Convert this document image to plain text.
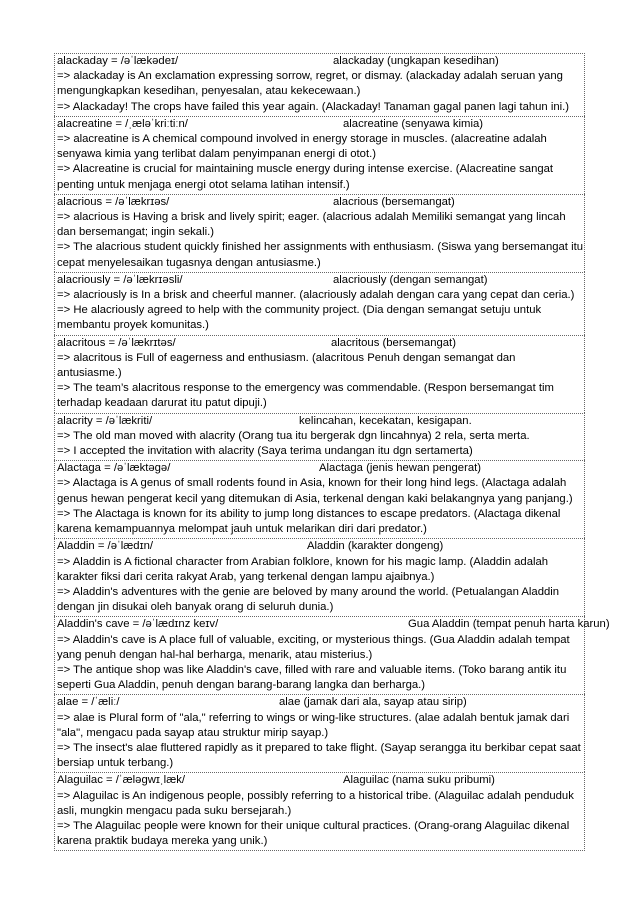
alackaday = /əˈlækədeɪ/	alackaday (ungkapan kesedihan)
=> alackaday is An exclamation expressing sorrow, regret, or dismay. (alackaday adalah seruan yang mengungkapkan kesedihan, penyesalan, atau kekecewaan.)
=> Alackaday! The crops have failed this year again. (Alackaday! Tanaman gagal panen lagi tahun ini.)
alacreatine = /ˌæləˈkriːtiːn/	alacreatine (senyawa kimia)
=> alacreatine is A chemical compound involved in energy storage in muscles. (alacreatine adalah senyawa kimia yang terlibat dalam penyimpanan energi di otot.)
=> Alacreatine is crucial for maintaining muscle energy during intense exercise. (Alacreatine sangat penting untuk menjaga energi otot selama latihan intensif.)
alacrious = /əˈlækrɪəs/	alacrious (bersemangat)
=> alacrious is Having a brisk and lively spirit; eager. (alacrious adalah Memiliki semangat yang lincah dan bersemangat; ingin sekali.)
=> The alacrious student quickly finished her assignments with enthusiasm. (Siswa yang bersemangat itu cepat menyelesaikan tugasnya dengan antusiasme.)
alacriously = /əˈlækrɪəsli/	alacriously (dengan semangat)
=> alacriously is In a brisk and cheerful manner. (alacriously adalah dengan cara yang cepat dan ceria.)
=> He alacriously agreed to help with the community project. (Dia dengan semangat setuju untuk membantu proyek komunitas.)
alacritous = /əˈlækrɪtəs/	alacritous (bersemangat)
=> alacritous is Full of eagerness and enthusiasm. (alacritous Penuh dengan semangat dan antusiasme.)
=> The team’s alacritous response to the emergency was commendable. (Respon bersemangat tim terhadap keadaan darurat itu patut dipuji.)
alacrity = /əˈlækriti/	kelincahan, kecekatan, kesigapan.
=> The old man moved with alacrity (Orang tua itu bergerak dgn lincahnya) 2 rela, serta merta.
=> I accepted the invitation with alacrity (Saya terima undangan itu dgn sertamerta)
Alactaga = /əˈlæktəgə/	Alactaga (jenis hewan pengerat)
=> Alactaga is A genus of small rodents found in Asia, known for their long hind legs. (Alactaga adalah genus hewan pengerat kecil yang ditemukan di Asia, terkenal dengan kaki belakangnya yang panjang.)
=> The Alactaga is known for its ability to jump long distances to escape predators. (Alactaga dikenal karena kemampuannya melompat jauh untuk melarikan diri dari predator.)
Aladdin = /əˈlædɪn/	Aladdin (karakter dongeng)
=> Aladdin is A fictional character from Arabian folklore, known for his magic lamp. (Aladdin adalah karakter fiksi dari cerita rakyat Arab, yang terkenal dengan lampu ajaibnya.)
=> Aladdin's adventures with the genie are beloved by many around the world. (Petualangan Aladdin dengan jin disukai oleh banyak orang di seluruh dunia.)
Aladdin's cave = /əˈlædɪnz keɪv/	Gua Aladdin (tempat penuh harta karun)
=> Aladdin's cave is A place full of valuable, exciting, or mysterious things. (Gua Aladdin adalah tempat yang penuh dengan hal-hal berharga, menarik, atau misterius.)
=> The antique shop was like Aladdin's cave, filled with rare and valuable items. (Toko barang antik itu seperti Gua Aladdin, penuh dengan barang-barang langka dan berharga.)
alae = /ˈæliː/	alae (jamak dari ala, sayap atau sirip)
=> alae is Plural form of "ala," referring to wings or wing-like structures. (alae adalah bentuk jamak dari "ala", mengacu pada sayap atau struktur mirip sayap.)
=> The insect's alae fluttered rapidly as it prepared to take flight. (Sayap serangga itu berkibar cepat saat bersiap untuk terbang.)
Alaguilac = /ˈæləgwɪˌlæk/	Alaguilac (nama suku pribumi)
=> Alaguilac is An indigenous people, possibly referring to a historical tribe. (Alaguilac adalah penduduk asli, mungkin mengacu pada suku bersejarah.)
=> The Alaguilac people were known for their unique cultural practices. (Orang-orang Alaguilac dikenal karena praktik budaya mereka yang unik.)
